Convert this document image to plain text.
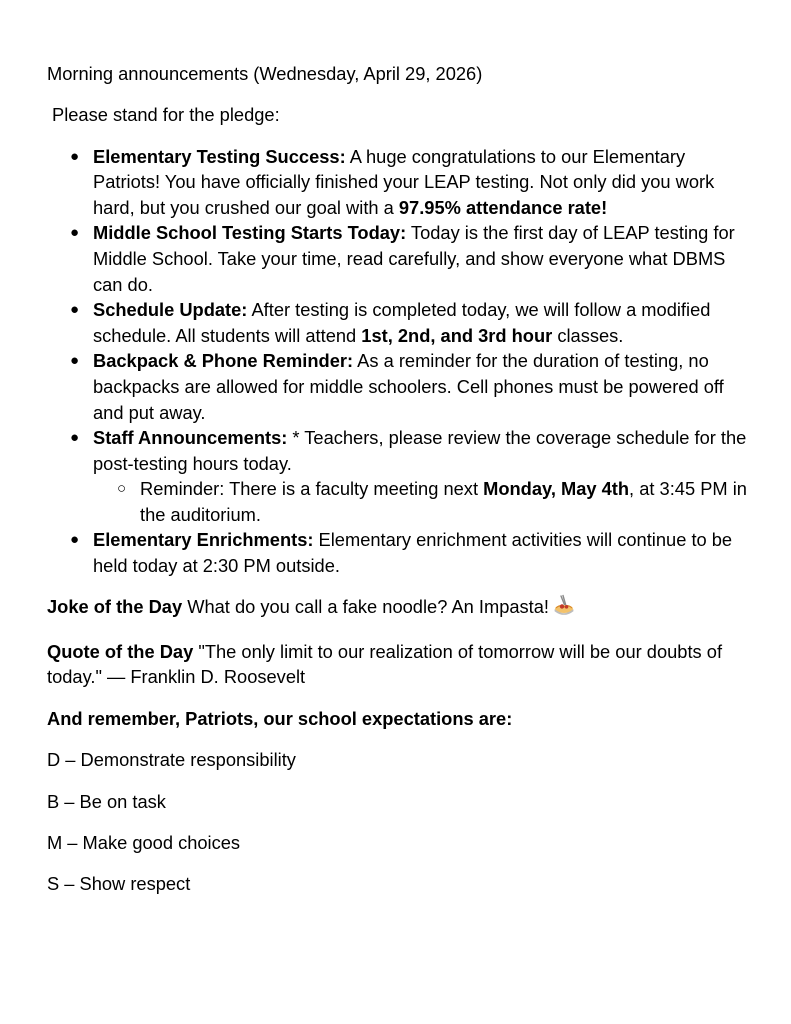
Morning announcements (Wednesday, April 29, 2026)

Please stand for the pledge:

● Elementary Testing Success: A huge congratulations to our Elementary Patriots! You have officially finished your LEAP testing. Not only did you work hard, but you crushed our goal with a 97.95% attendance rate!
● Middle School Testing Starts Today: Today is the first day of LEAP testing for Middle School. Take your time, read carefully, and show everyone what DBMS can do.
● Schedule Update: After testing is completed today, we will follow a modified schedule. All students will attend 1st, 2nd, and 3rd hour classes.
● Backpack & Phone Reminder: As a reminder for the duration of testing, no backpacks are allowed for middle schoolers. Cell phones must be powered off and put away.
● Staff Announcements: * Teachers, please review the coverage schedule for the post-testing hours today.
○ Reminder: There is a faculty meeting next Monday, May 4th, at 3:45 PM in the auditorium.
● Elementary Enrichments: Elementary enrichment activities will continue to be held today at 2:30 PM outside.

Joke of the Day What do you call a fake noodle? An Impasta!

Quote of the Day "The only limit to our realization of tomorrow will be our doubts of today." — Franklin D. Roosevelt

And remember, Patriots, our school expectations are:

D – Demonstrate responsibility

B – Be on task

M – Make good choices

S – Show respect
